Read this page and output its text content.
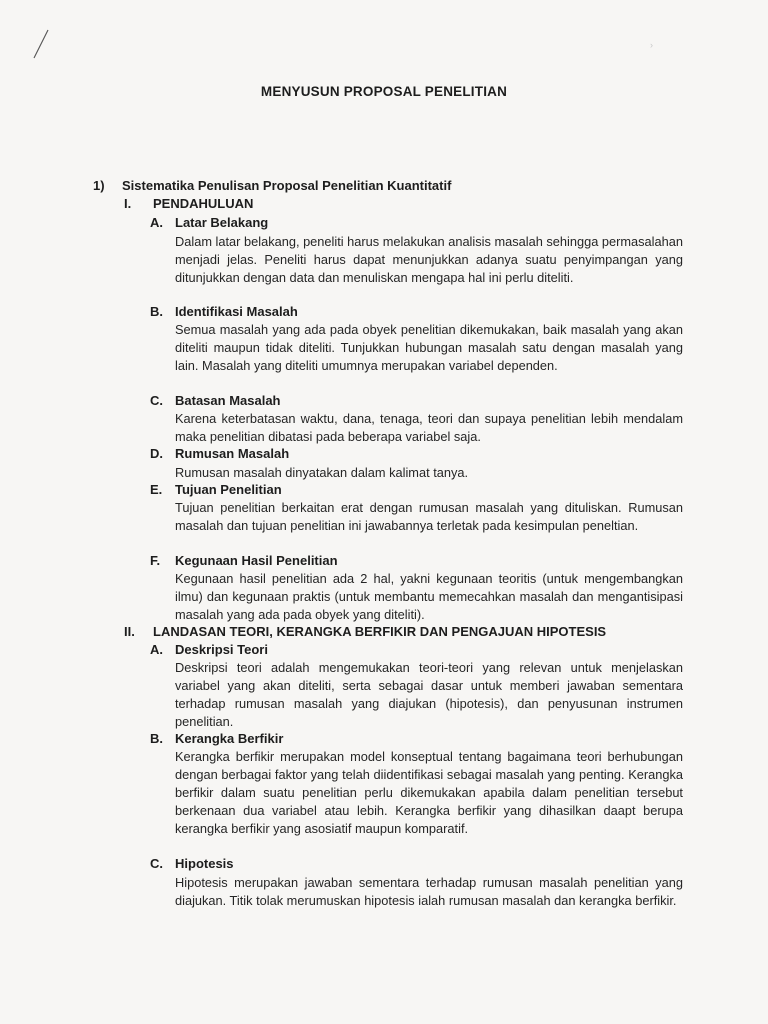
›
MENYUSUN PROPOSAL PENELITIAN
1) Sistematika Penulisan Proposal Penelitian Kuantitatif
I. PENDAHULUAN
A. Latar Belakang
Dalam latar belakang, peneliti harus melakukan analisis masalah sehingga permasalahan menjadi jelas. Peneliti harus dapat menunjukkan adanya suatu penyimpangan yang ditunjukkan dengan data dan menuliskan mengapa hal ini perlu diteliti.
B. Identifikasi Masalah
Semua masalah yang ada pada obyek penelitian dikemukakan, baik masalah yang akan diteliti maupun tidak diteliti. Tunjukkan hubungan masalah satu dengan masalah yang lain. Masalah yang diteliti umumnya merupakan variabel dependen.
C. Batasan Masalah
Karena keterbatasan waktu, dana, tenaga, teori dan supaya penelitian lebih mendalam maka penelitian dibatasi pada beberapa variabel saja.
D. Rumusan Masalah
Rumusan masalah dinyatakan dalam kalimat tanya.
E. Tujuan Penelitian
Tujuan penelitian berkaitan erat dengan rumusan masalah yang dituliskan. Rumusan masalah dan tujuan penelitian ini jawabannya terletak pada kesimpulan peneltian.
F. Kegunaan Hasil Penelitian
Kegunaan hasil penelitian ada 2 hal, yakni kegunaan teoritis (untuk mengembangkan ilmu) dan kegunaan praktis (untuk membantu memecahkan masalah dan mengantisipasi masalah yang ada pada obyek yang diteliti).
II. LANDASAN TEORI, KERANGKA BERFIKIR DAN PENGAJUAN HIPOTESIS
A. Deskripsi Teori
Deskripsi teori adalah mengemukakan teori-teori yang relevan untuk menjelaskan variabel yang akan diteliti, serta sebagai dasar untuk memberi jawaban sementara terhadap rumusan masalah yang diajukan (hipotesis), dan penyusunan instrumen penelitian.
B. Kerangka Berfikir
Kerangka berfikir merupakan model konseptual tentang bagaimana teori berhubungan dengan berbagai faktor yang telah diidentifikasi sebagai masalah yang penting. Kerangka berfikir dalam suatu penelitian perlu dikemukakan apabila dalam penelitian tersebut berkenaan dua variabel atau lebih. Kerangka berfikir yang dihasilkan daapt berupa kerangka berfikir yang asosiatif maupun komparatif.
C. Hipotesis
Hipotesis merupakan jawaban sementara terhadap rumusan masalah penelitian yang diajukan. Titik tolak merumuskan hipotesis ialah rumusan masalah dan kerangka berfikir.
